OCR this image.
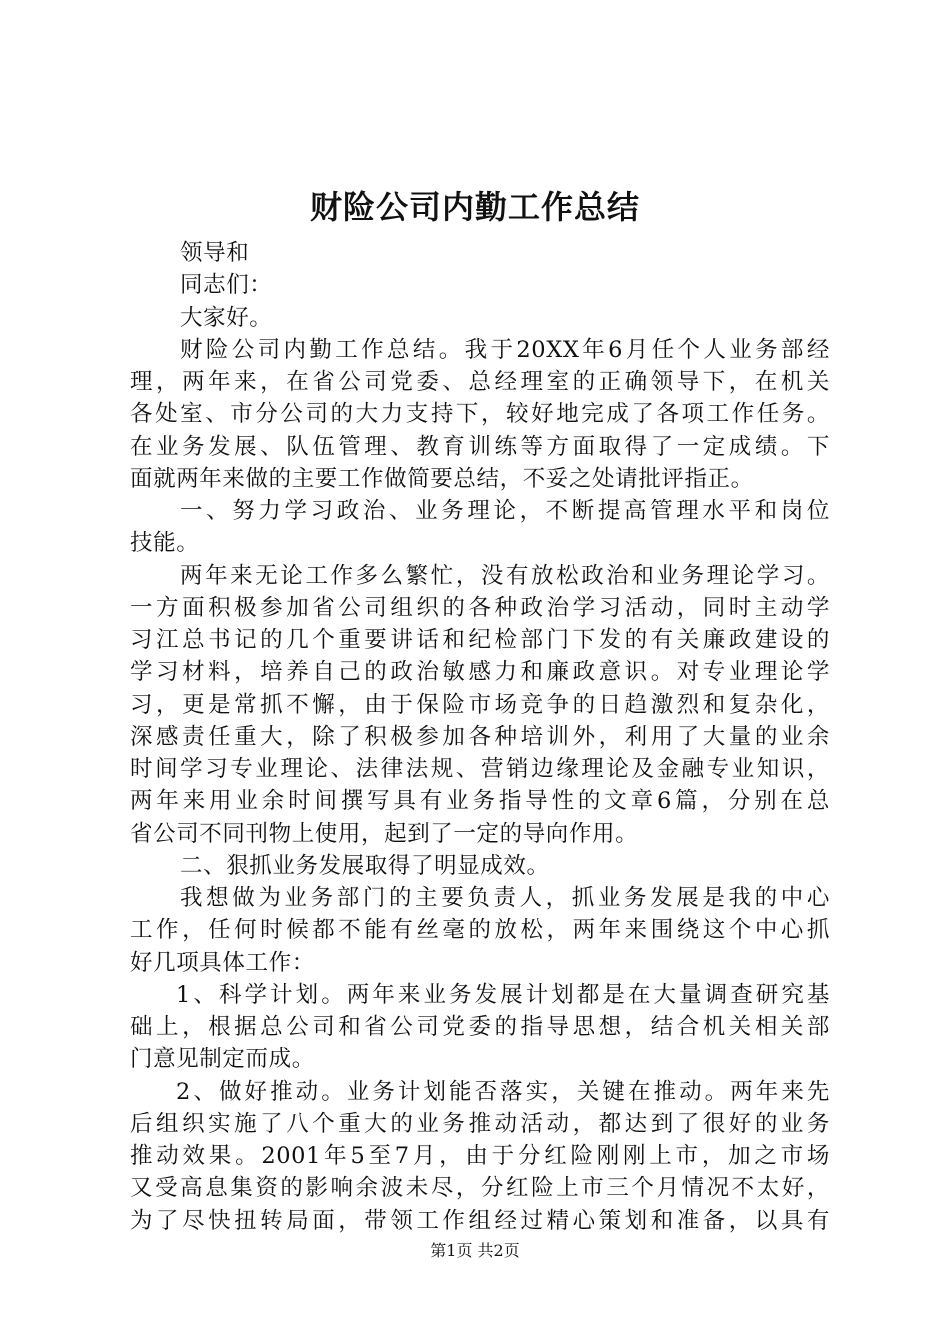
财险公司内勤工作总结
领导和
同志们：
大家好。
财险公司内勤工作总结。我于20XX年6月任个人业务部经
理，两年来，在省公司党委、总经理室的正确领导下，在机关
各处室、市分公司的大力支持下，较好地完成了各项工作任务。
在业务发展、队伍管理、教育训练等方面取得了一定成绩。下
面就两年来做的主要工作做简要总结，不妥之处请批评指正。
一、努力学习政治、业务理论，不断提高管理水平和岗位
技能。
两年来无论工作多么繁忙，没有放松政治和业务理论学习。
一方面积极参加省公司组织的各种政治学习活动，同时主动学
习江总书记的几个重要讲话和纪检部门下发的有关廉政建设的
学习材料，培养自己的政治敏感力和廉政意识。对专业理论学
习，更是常抓不懈，由于保险市场竞争的日趋激烈和复杂化，
深感责任重大，除了积极参加各种培训外，利用了大量的业余
时间学习专业理论、法律法规、营销边缘理论及金融专业知识，
两年来用业余时间撰写具有业务指导性的文章6篇，分别在总
省公司不同刊物上使用，起到了一定的导向作用。
二、狠抓业务发展取得了明显成效。
我想做为业务部门的主要负责人，抓业务发展是我的中心
工作，任何时候都不能有丝毫的放松，两年来围绕这个中心抓
好几项具体工作：
1、科学计划。两年来业务发展计划都是在大量调查研究基
础上，根据总公司和省公司党委的指导思想，结合机关相关部
门意见制定而成。
2、做好推动。业务计划能否落实，关键在推动。两年来先
后组织实施了八个重大的业务推动活动，都达到了很好的业务
推动效果。2001年5至7月，由于分红险刚刚上市，加之市场
又受高息集资的影响余波未尽，分红险上市三个月情况不太好，
为了尽快扭转局面，带领工作组经过精心策划和准备，以具有
第1页 共2页
